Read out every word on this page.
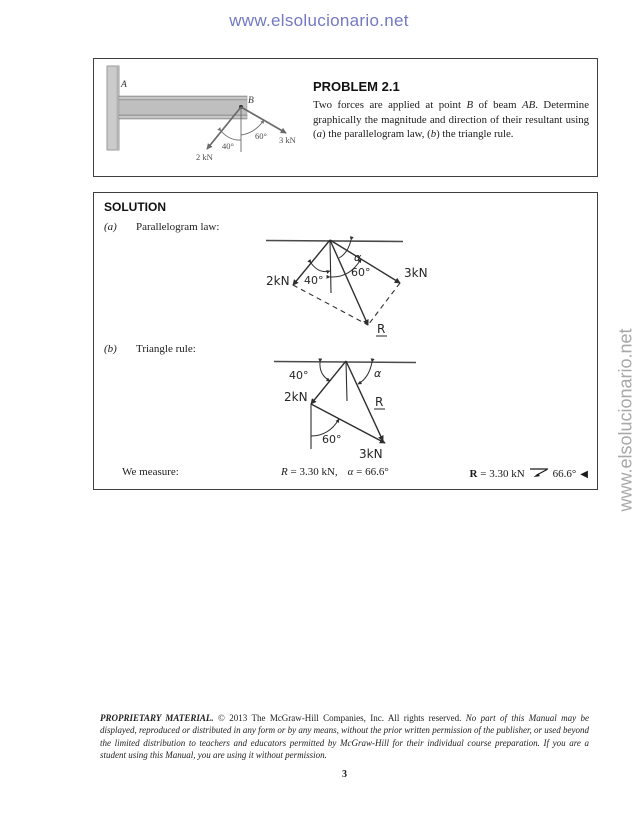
www.elsolucionario.net
A
B
40°
60°
2 kN
3 kN
PROBLEM 2.1
Two forces are applied at point B of beam AB. Determine graphically the magnitude and direction of their resultant using (a) the parallelogram law, (b) the triangle rule.
SOLUTION
(a) Parallelogram law:
2kN 40°
60°	3kN
α
R
(b) Triangle rule:
40°
2kN
α
R
60°
3kN
We measure:	R = 3.30 kN, α = 66.6°	R = 3.30 kN	66.6° ◀ www.elsolucionario.net
PROPRIETARY MATERIAL. © 2013 The McGraw-Hill Companies, Inc. All rights reserved. No part of this Manual may be displayed, reproduced or distributed in any form or by any means, without the prior written permission of the publisher, or used beyond the limited distribution to teachers and educators permitted by McGraw-Hill for their individual course preparation. If you are a student using this Manual, you are using it without permission.
3
